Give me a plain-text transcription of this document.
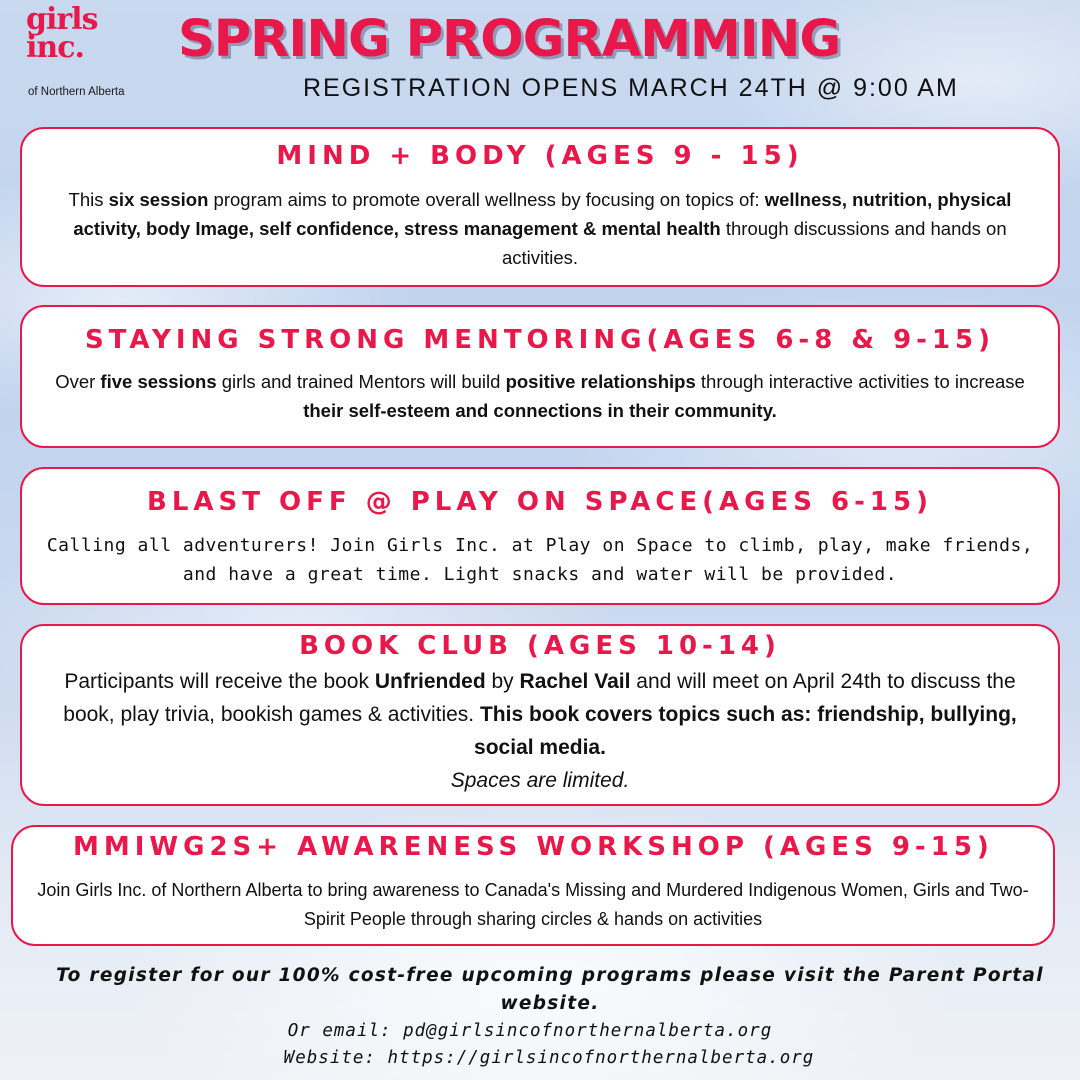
girls
inc.
of Northern Alberta
SPRING PROGRAMMING
REGISTRATION OPENS MARCH 24TH @ 9:00 AM
MIND + BODY (AGES 9 - 15)

This six session program aims to promote overall wellness by focusing on topics of: wellness, nutrition, physical activity, body Image, self confidence, stress management & mental health through discussions and hands on activities.

STAYING STRONG MENTORING(AGES 6-8 & 9-15)

Over five sessions girls and trained Mentors will build positive relationships through interactive activities to increase their self-esteem and connections in their community.

BLAST OFF @ PLAY ON SPACE(AGES 6-15)

Calling all adventurers! Join Girls Inc. at Play on Space to climb, play, make friends, and have a great time. Light snacks and water will be provided.

BOOK CLUB (AGES 10-14)

Participants will receive the book Unfriended by Rachel Vail and will meet on April 24th to discuss the book, play trivia, bookish games & activities. This book covers topics such as: friendship, bullying, social media.

Spaces are limited.

MMIWG2S+ AWARENESS WORKSHOP (AGES 9-15)

Join Girls Inc. of Northern Alberta to bring awareness to Canada's Missing and Murdered Indigenous Women, Girls and Two-Spirit People through sharing circles & hands on activities

To register for our 100% cost-free upcoming programs please visit the Parent Portal website.

Or email: pd@girlsincofnorthernalberta.org

Website: https://girlsincofnorthernalberta.org
